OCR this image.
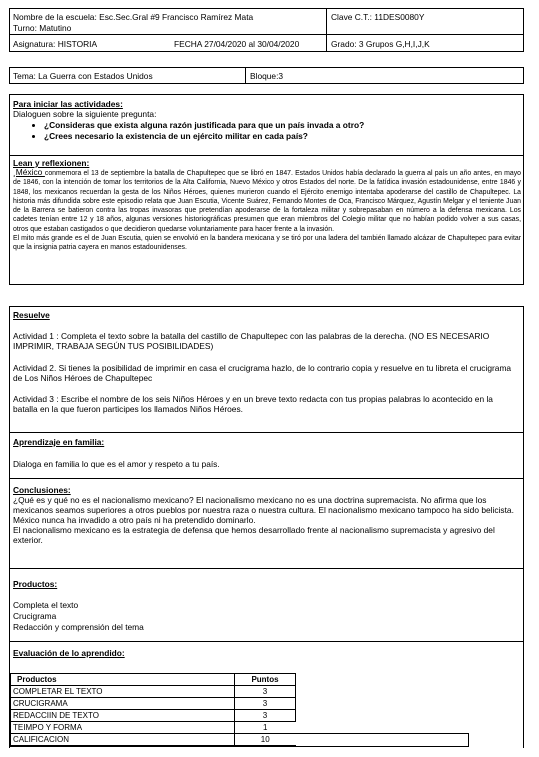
Nombre de la escuela: Esc.Sec.Gral #9 Francisco Ramírez Mata
Turno: Matutino
Clave C.T.: 11DES0080Y
Asignatura: HISTORIA	FECHA 27/04/2020 al 30/04/2020	Grado: 3 Grupos G,H,I,J,K
Tema: La Guerra con Estados Unidos	Bloque:3
Para iniciar las actividades:
Dialoguen sobre la siguiente pregunta:
• ¿Consideras que exista alguna razón justificada para que un país invada a otro?
• ¿Crees necesario la existencia de un ejército militar en cada país?
Lean y reflexionen:
¸México conmemora el 13 de septiembre la batalla de Chapultepec que se libró en 1847. Estados Unidos había declarado la guerra al país un año antes, en mayo de 1846, con la intención de tomar los territorios de la Alta California, Nuevo México y otros Estados del norte. De la fatídica invasión estadounidense, entre 1846 y 1848, los mexicanos recuerdan la gesta de los Niños Héroes, quienes murieron cuando el Ejército enemigo intentaba apoderarse del castillo de Chapultepec. La historia más difundida sobre este episodio relata que Juan Escutia, Vicente Suárez, Fernando Montes de Oca, Francisco Márquez, Agustín Melgar y el teniente Juan de la Barrera se batieron contra las tropas invasoras que pretendían apoderarse de la fortaleza militar y sobrepasaban en número a la defensa mexicana. Los cadetes tenían entre 12 y 18 años, algunas versiones historiográficas presumen que eran miembros del Colegio militar que no habían podido volver a sus casas, otros que estaban castigados o que decidieron quedarse voluntariamente para hacer frente a la invasión.
El mito más grande es el de Juan Escutia, quien se envolvió en la bandera mexicana y se tiró por una ladera del también llamado alcázar de Chapultepec para evitar que la insignia patria cayera en manos estadounidenses.
Resuelve
Actividad 1 : Completa el texto sobre la batalla del castillo de Chapultepec con las palabras de la derecha. (NO ES NECESARIO IMPRIMIR, TRABAJA SEGÚN TUS POSIBILIDADES)
Actividad 2. Si tienes la posibilidad de imprimir en casa el crucigrama hazlo, de lo contrario copia y resuelve en tu libreta el crucigrama de Los Niños Héroes de Chapultepec
Actividad 3 : Escribe el nombre de los seis Niños Héroes y en un breve texto redacta con tus propias palabras lo acontecido en la batalla en la que fueron participes los llamados Niños Héroes.
Aprendizaje en familia:
Dialoga en familia lo que es el amor y respeto a tu país.
Conclusiones:
¿Qué es y qué no es el nacionalismo mexicano? El nacionalismo mexicano no es una doctrina supremacista. No afirma que los mexicanos seamos superiores a otros pueblos por nuestra raza o nuestra cultura. El nacionalismo mexicano tampoco ha sido belicista. México nunca ha invadido a otro país ni ha pretendido dominarlo.
El nacionalismo mexicano es la estrategia de defensa que hemos desarrollado frente al nacionalismo supremacista y agresivo del exterior.
Productos:
Completa el texto
Crucigrama
Redacción y comprensión del tema
Evaluación de lo aprendido:
Productos	Puntos
COMPLETAR EL TEXTO	3
CRUCIGRAMA	3
REDACCIIN DE TEXTO	3
TEIMPO Y FORMA	1
CALIFICACION	10
